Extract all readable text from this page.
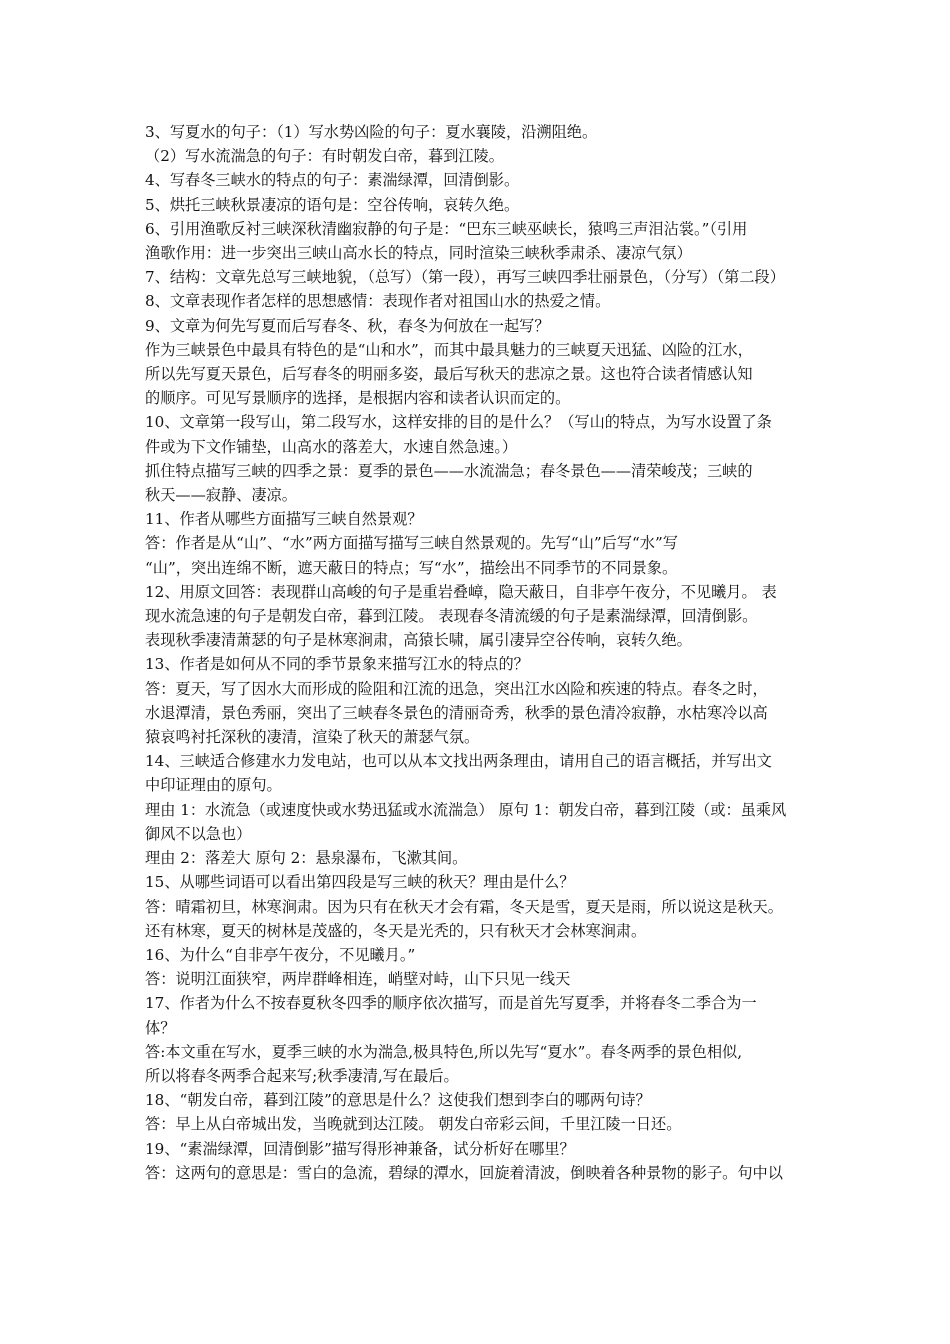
3、写夏水的句子：（1）写水势凶险的句子：夏水襄陵，沿溯阻绝。
（2）写水流湍急的句子：有时朝发白帝，暮到江陵。
4、写春冬三峡水的特点的句子：素湍绿潭，回清倒影。
5、烘托三峡秋景凄凉的语句是：空谷传响，哀转久绝。
6、引用渔歌反衬三峡深秋清幽寂静的句子是：“巴东三峡巫峡长，猿鸣三声泪沾裳。”（引用
渔歌作用：进一步突出三峡山高水长的特点，同时渲染三峡秋季肃杀、凄凉气氛）
7、结构：文章先总写三峡地貌，（总写）（第一段），再写三峡四季壮丽景色，（分写）（第二段）
8、文章表现作者怎样的思想感情：表现作者对祖国山水的热爱之情。
9、文章为何先写夏而后写春冬、秋，春冬为何放在一起写？
作为三峡景色中最具有特色的是“山和水”，而其中最具魅力的三峡夏天迅猛、凶险的江水，
所以先写夏天景色，后写春冬的明丽多姿，最后写秋天的悲凉之景。这也符合读者情感认知
的顺序。可见写景顺序的选择，是根据内容和读者认识而定的。
10、文章第一段写山，第二段写水，这样安排的目的是什么？（写山的特点，为写水设置了条
件或为下文作铺垫，山高水的落差大，水速自然急速。）
抓住特点描写三峡的四季之景：夏季的景色——水流湍急；春冬景色——清荣峻茂；三峡的
秋天——寂静、凄凉。
11、作者从哪些方面描写三峡自然景观？
答：作者是从“山”、“水”两方面描写描写三峡自然景观的。先写“山”后写“水”写
“山”，突出连绵不断，遮天蔽日的特点；写“水”，描绘出不同季节的不同景象。
12、用原文回答：表现群山高峻的句子是重岩叠嶂，隐天蔽日，自非亭午夜分，不见曦月。 表
现水流急速的句子是朝发白帝，暮到江陵。 表现春冬清流缓的句子是素湍绿潭，回清倒影。
表现秋季凄清萧瑟的句子是林寒涧肃，高猿长啸，属引凄异空谷传响，哀转久绝。
13、作者是如何从不同的季节景象来描写江水的特点的？
答：夏天，写了因水大而形成的险阻和江流的迅急，突出江水凶险和疾速的特点。春冬之时，
水退潭清，景色秀丽，突出了三峡春冬景色的清丽奇秀，秋季的景色清冷寂静，水枯寒冷以高
猿哀鸣衬托深秋的凄清，渲染了秋天的萧瑟气氛。
14、三峡适合修建水力发电站，也可以从本文找出两条理由，请用自己的语言概括，并写出文
中印证理由的原句。
理由 1：水流急（或速度快或水势迅猛或水流湍急） 原句 1：朝发白帝，暮到江陵（或：虽乘风
御风不以急也）
理由 2：落差大 原句 2：悬泉瀑布，飞漱其间。
15、从哪些词语可以看出第四段是写三峡的秋天？理由是什么？
答：晴霜初旦，林寒涧肃。因为只有在秋天才会有霜，冬天是雪，夏天是雨，所以说这是秋天。
还有林寒，夏天的树林是茂盛的，冬天是光秃的，只有秋天才会林寒涧肃。
16、为什么“自非亭午夜分，不见曦月。”
答：说明江面狭窄，两岸群峰相连，峭壁对峙，山下只见一线天
17、作者为什么不按春夏秋冬四季的顺序依次描写，而是首先写夏季，并将春冬二季合为一
体？
答:本文重在写水，夏季三峡的水为湍急,极具特色,所以先写“夏水”。春冬两季的景色相似,
所以将春冬两季合起来写;秋季凄清,写在最后。
18、“朝发白帝，暮到江陵”的意思是什么？这使我们想到李白的哪两句诗？
答：早上从白帝城出发，当晚就到达江陵。 朝发白帝彩云间，千里江陵一日还。
19、“素湍绿潭，回清倒影”描写得形神兼备，试分析好在哪里？
答：这两句的意思是：雪白的急流，碧绿的潭水，回旋着清波，倒映着各种景物的影子。句中以
